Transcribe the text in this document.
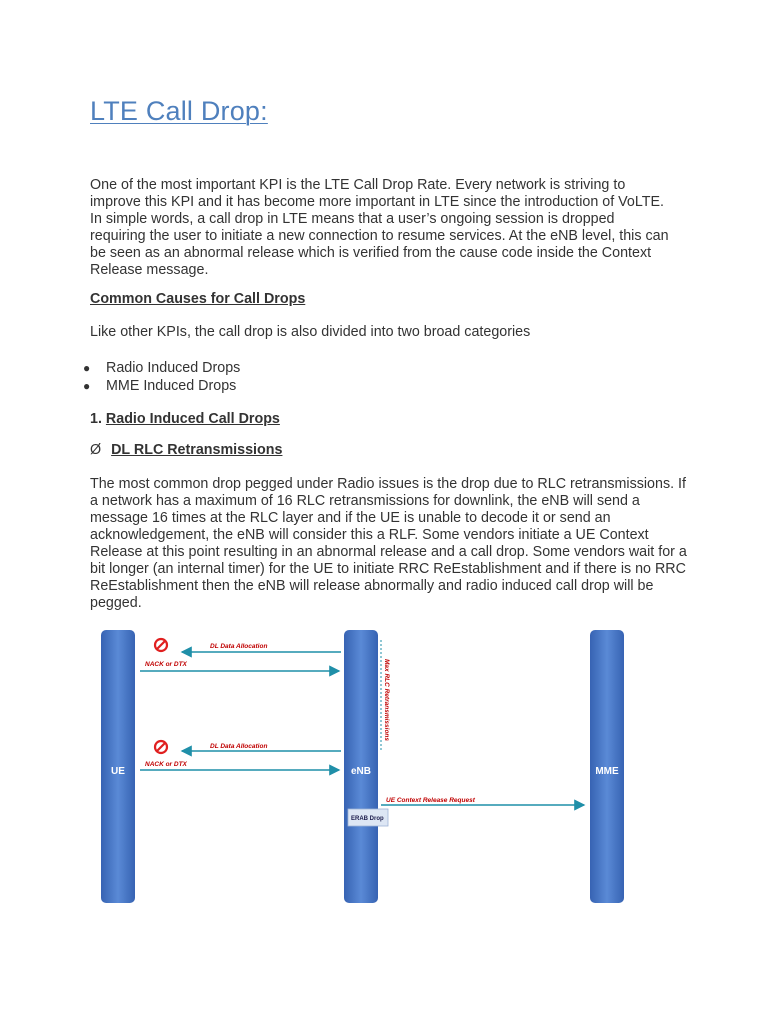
LTE Call Drop:

One of the most important KPI is the LTE Call Drop Rate. Every network is striving to improve this KPI and it has become more important in LTE since the introduction of VoLTE. In simple words, a call drop in LTE means that a user’s ongoing session is dropped requiring the user to initiate a new connection to resume services. At the eNB level, this can be seen as an abnormal release which is verified from the cause code inside the Context Release message.

Common Causes for Call Drops

Like other KPIs, the call drop is also divided into two broad categories

● Radio Induced Drops
● MME Induced Drops
1. Radio Induced Call Drops
Ø DL RLC Retransmissions

The most common drop pegged under Radio issues is the drop due to RLC retransmissions. If a network has a maximum of 16 RLC retransmissions for downlink, the eNB will send a message 16 times at the RLC layer and if the UE is unable to decode it or send an acknowledgement, the eNB will consider this a RLF. Some vendors initiate a UE Context Release at this point resulting in an abnormal release and a call drop. Some vendors wait for a bit longer (an internal timer) for the UE to initiate RRC ReEstablishment and if there is no RRC ReEstablishment then the eNB will release abnormally and radio induced call drop will be pegged.

UE	eNB	MME
DL Data Allocation
NACK or DTX	Max RLC Retransmissions
DL Data Allocation
NACK or DTX
UE Context Release Request
ERAB Drop
